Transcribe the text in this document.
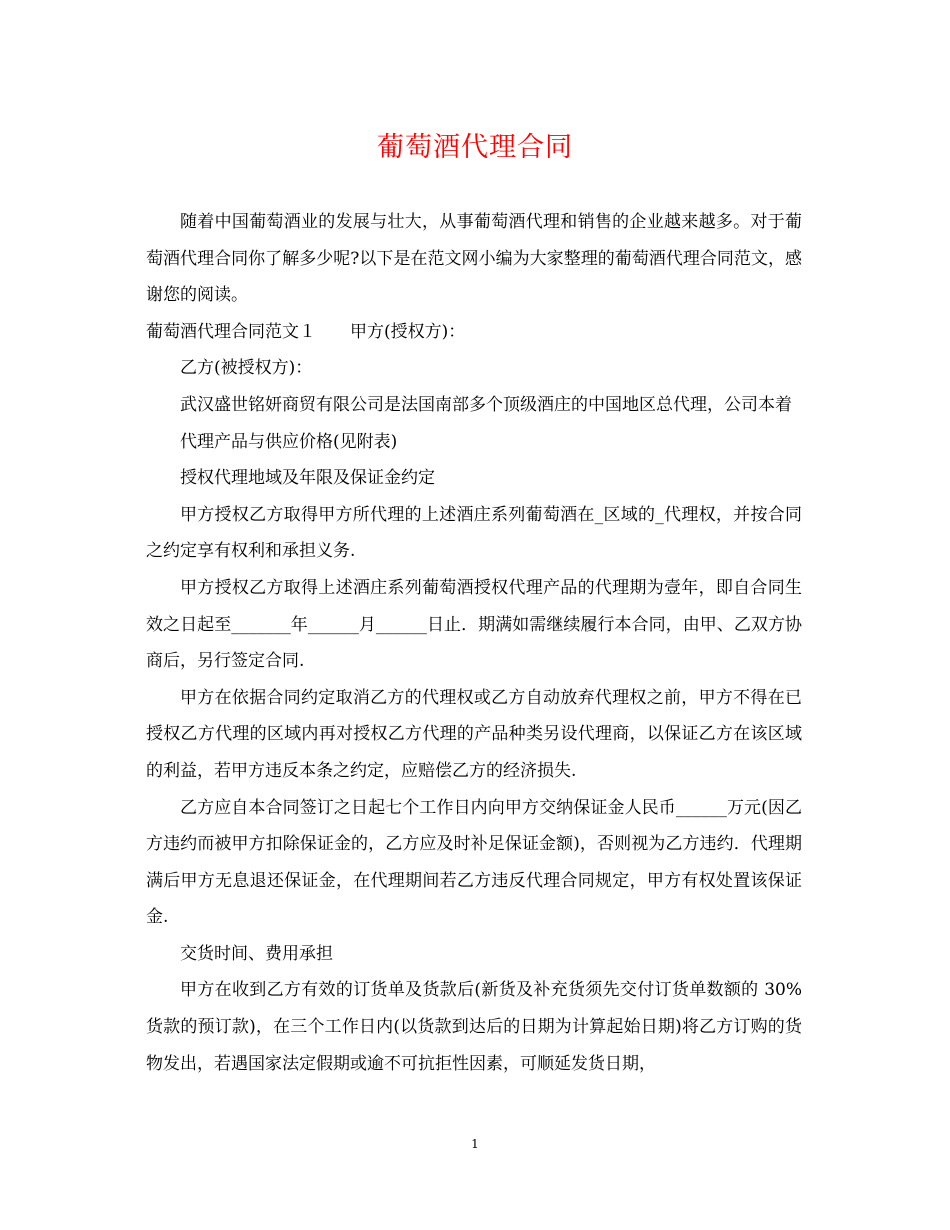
葡萄酒代理合同

随着中国葡萄酒业的发展与壮大，从事葡萄酒代理和销售的企业越来越多。对于葡萄酒代理合同你了解多少呢?以下是在范文网小编为大家整理的葡萄酒代理合同范文，感谢您的阅读。

葡萄酒代理合同范文１ 甲方(授权方)：

乙方(被授权方)：

武汉盛世铭妍商贸有限公司是法国南部多个顶级酒庄的中国地区总代理，公司本着

代理产品与供应价格(见附表)

授权代理地域及年限及保证金约定

甲方授权乙方取得甲方所代理的上述酒庄系列葡萄酒在_区域的_代理权，并按合同之约定享有权利和承担义务.

甲方授权乙方取得上述酒庄系列葡萄酒授权代理产品的代理期为壹年，即自合同生效之日起至_______年______月______日止．期满如需继续履行本合同，由甲、乙双方协商后，另行签定合同.

甲方在依据合同约定取消乙方的代理权或乙方自动放弃代理权之前，甲方不得在已授权乙方代理的区域内再对授权乙方代理的产品种类另设代理商，以保证乙方在该区域的利益，若甲方违反本条之约定，应赔偿乙方的经济损失.

乙方应自本合同签订之日起七个工作日内向甲方交纳保证金人民币______万元(因乙方违约而被甲方扣除保证金的，乙方应及时补足保证金额)，否则视为乙方违约．代理期满后甲方无息退还保证金，在代理期间若乙方违反代理合同规定，甲方有权处置该保证金.

交货时间、费用承担

甲方在收到乙方有效的订货单及货款后(新货及补充货须先交付订货单数额的 30%货款的预订款)，在三个工作日内(以货款到达后的日期为计算起始日期)将乙方订购的货物发出，若遇国家法定假期或逾不可抗拒性因素，可顺延发货日期，

1
